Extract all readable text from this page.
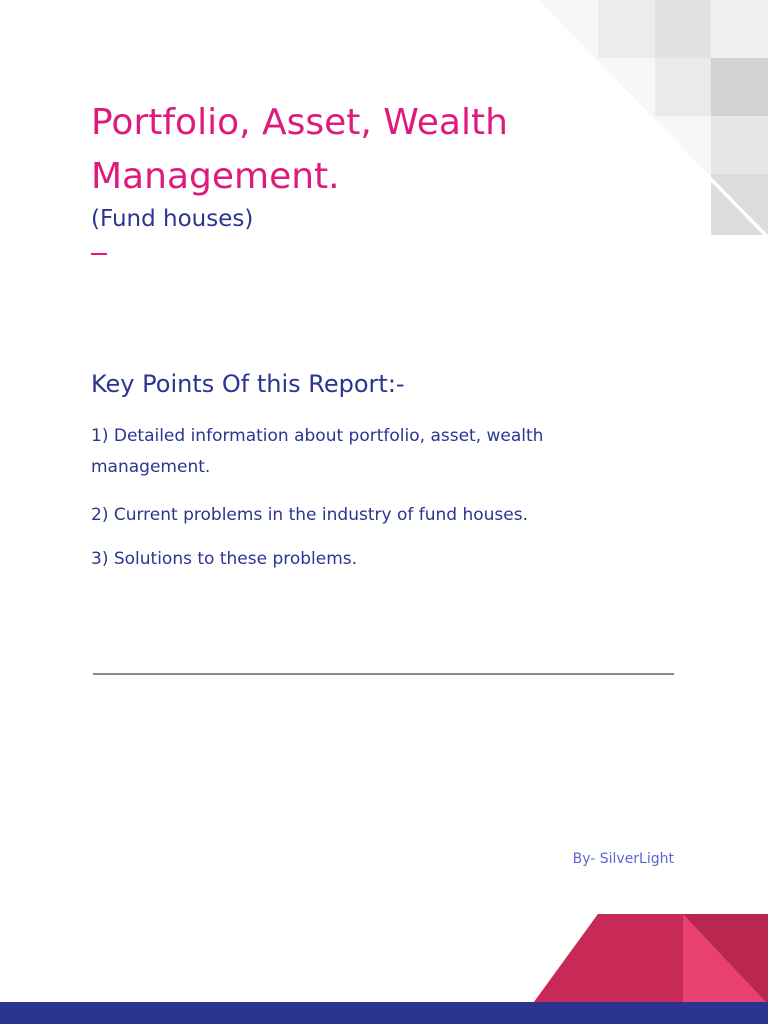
Portfolio, Asset, Wealth Management.
(Fund houses)
Key Points Of this Report:-

1) Detailed information about portfolio, asset, wealth management.

2) Current problems in the industry of fund houses.

3) Solutions to these problems.

By- SilverLight
